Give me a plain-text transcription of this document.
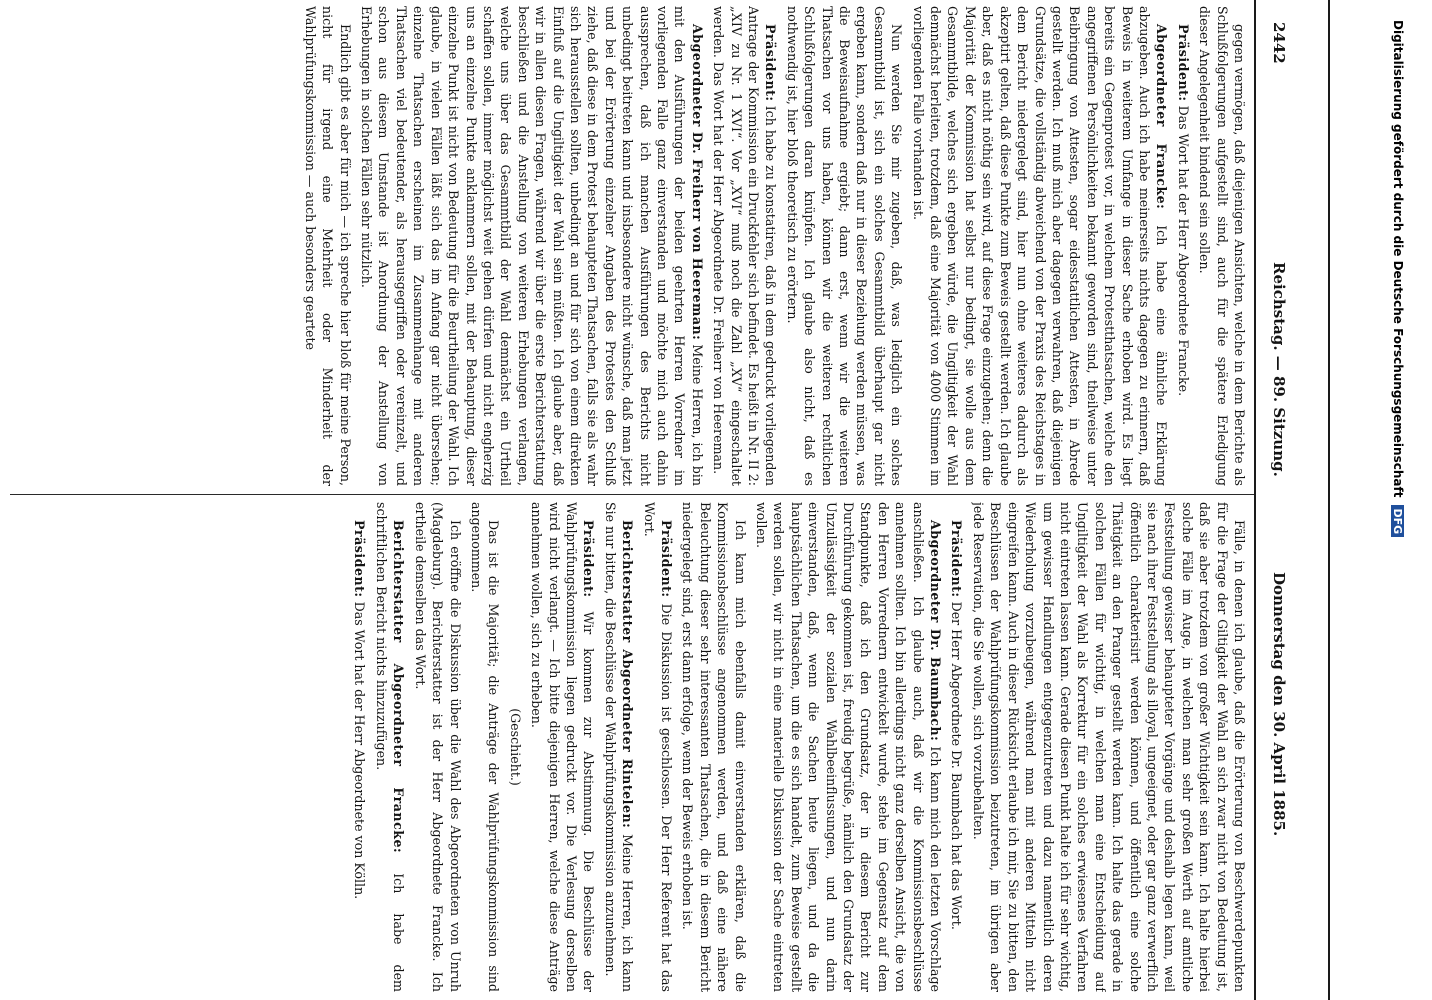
2442
Reichstag. — 89. Sitzung.
Donnerstag den 30. April 1885.

gegen vermögen, daß diejenigen Ansichten, welche in dem Berichte als Schlußfolgerungen aufgestellt sind, auch für die spätere Erledigung dieser Angelegenheit bindend sein sollen.

Präsident: Das Wort hat der Herr Abgeordnete Francke.

Abgeordneter Francke: Ich habe eine ähnliche Erklärung abzugeben. Auch ich habe meinerseits nichts dagegen zu erinnern, daß Beweis in weiterem Umfange in dieser Sache erhoben wird. Es liegt bereits ein Gegenprotest vor, in welchem Protestthatsachen, welche den angegriffenen Persönlichkeiten bekannt geworden sind, theilweise unter Beibringung von Attesten, sogar eidesstattlichen Attesten, in Abrede gestellt werden. Ich muß mich aber dagegen verwahren, daß diejenigen Grundsätze, die vollständig abweichend von der Praxis des Reichstages in dem Bericht niedergelegt sind, hier nun ohne weiteres dadurch als akzeptirt gelten, daß diese Punkte zum Beweis gestellt werden. Ich glaube aber, daß es nicht nöthig sein wird, auf diese Frage einzugehen; denn die Majorität der Kommission hat selbst nur bedingt, sie wolle aus dem Gesammtbilde, welches sich ergeben würde, die Ungiltigkeit der Wahl demnächst herleiten, trotzdem, daß eine Majorität von 4000 Stimmen im vorliegenden Falle vorhanden ist.

Nun werden Sie mir zugeben, daß, was lediglich ein solches Gesammtbild ist, sich ein solches Gesammtbild überhaupt gar nicht ergeben kann, sondern daß nur in dieser Beziehung werden müssen, was die Beweisaufnahme ergiebt; dann erst, wenn wir die weiteren Thatsachen vor uns haben, können wir die weiteren rechtlichen Schlußfolgerungen daran knüpfen. Ich glaube also nicht, daß es nothwendig ist, hier bloß theoretisch zu erörtern.

Präsident: Ich habe zu konstatiren, daß in dem gedruckt vorliegenden Antrage der Kommission ein Druckfehler sich befindet. Es heißt in Nr. II 2: „XIV zu Nr. 1 XVI“. Vor „XVI“ muß noch die Zahl „XV“ eingeschaltet werden. Das Wort hat der Herr Abgeordnete Dr. Freiherr von Heereman.

Abgeordneter Dr. Freiherr von Heereman: Meine Herren, ich bin mit den Ausführungen der beiden geehrten Herren Vorredner im vorliegenden Falle ganz einverstanden und möchte mich auch dahin aussprechen, daß ich manchen Ausführungen des Berichts nicht unbedingt beitreten kann und insbesondere nicht wünsche, daß man jetzt und bei der Erörterung einzelner Angaben des Protestes den Schluß ziehe, daß diese in dem Protest behaupteten Thatsachen, falls sie als wahr sich herausstellen sollten, unbedingt an und für sich von einem direkten Einfluß auf die Ungiltigkeit der Wahl sein müßten. Ich glaube aber, daß wir in allen diesen Fragen, während wir über die erste Berichterstattung beschließen und die Anstellung von weiteren Erhebungen verlangen, welche uns über das Gesammtbild der Wahl demnächst ein Urtheil schaffen sollen, immer möglichst weit gehen dürfen und nicht engherzig uns an einzelne Punkte anklammern sollen, mit der Behauptung, dieser einzelne Punkt ist nicht von Bedeutung für die Beurtheilung der Wahl. Ich glaube, in vielen Fällen läßt sich das im Anfang gar nicht übersehen; einzelne Thatsachen erscheinen im Zusammenhange mit anderen Thatsachen viel bedeutender, als herausgegriffen oder vereinzelt, und schon aus diesem Umstande ist Anordnung der Anstellung von Erhebungen in solchen Fällen sehr nützlich.

Endlich gibt es aber für mich — ich spreche hier bloß für meine Person, nicht für irgend eine Mehrheit oder Minderheit der Wahlprüfungskommission — auch besonders geartete

Fälle, in denen ich glaube, daß die Erörterung von Beschwerdepunkten für die Frage der Giltigkeit der Wahl an sich zwar nicht von Bedeutung ist, daß sie aber trotzdem von großer Wichtigkeit sein kann. Ich halte hierbei solche Fälle im Auge, in welchen man sehr großen Werth auf amtliche Feststellung gewisser behaupteter Vorgänge und deshalb legen kann, weil sie nach ihrer Feststellung als illoyal, ungeeignet, oder gar ganz verwerflich öffentlich charakterisirt werden können, und öffentlich eine solche Thätigkeit an den Pranger gestellt werden kann. Ich halte das gerade in solchen Fällen für wichtig, in welchen man eine Entscheidung auf Ungiltigkeit der Wahl als Korrektur für ein solches erwiesenes Verfahren nicht eintreten lassen kann. Gerade diesen Punkt halte ich für sehr wichtig, um gewisser Handlungen entgegenzutreten und dazu namentlich deren Wiederholung vorzubeugen, während man mit anderen Mitteln nicht eingreifen kann. Auch in dieser Rücksicht erlaube ich mir, Sie zu bitten, den Beschlüssen der Wahlprüfungskommission beizutreten, im übrigen aber jede Reservation, die Sie wollen, sich vorzubehalten.

Präsident: Der Herr Abgeordnete Dr. Baumbach hat das Wort.

Abgeordneter Dr. Baumbach: Ich kann mich den letzten Vorschlage anschließen. Ich glaube auch, daß wir die Kommissionsbeschlüsse annehmen sollten. Ich bin allerdings nicht ganz derselben Ansicht, die von den Herren Vorrednern entwickelt wurde, stehe im Gegensatz auf dem Standpunkte, daß ich den Grundsatz, der in diesem Bericht zur Durchführung gekommen ist, freudig begrüße, nämlich den Grundsatz der Unzulässigkeit der sozialen Wahlbeeinflussungen, und nun darin einverstanden, daß, wenn die Sachen heute liegen, und da die hauptsächlichen Thatsachen, um die es sich handelt, zum Beweise gestellt werden sollen, wir nicht in eine materielle Diskussion der Sache eintreten wollen.

Ich kann mich ebenfalls damit einverstanden erklären, daß die Kommissionsbeschlüsse angenommen werden, und daß eine nähere Beleuchtung dieser sehr interessanten Thatsachen, die in diesem Bericht niedergelegt sind, erst dann erfolge, wenn der Beweis erhoben ist.

Präsident: Die Diskussion ist geschlossen. Der Herr Referent hat das Wort.

Berichterstatter Abgeordneter Rintelen: Meine Herren, ich kann Sie nur bitten, die Beschlüsse der Wahlprüfungskommission anzunehmen.

Präsident: Wir kommen zur Abstimmung. Die Beschlüsse der Wahlprüfungskommission liegen gedruckt vor. Die Verlesung derselben wird nicht verlangt. — Ich bitte diejenigen Herren, welche diese Anträge annehmen wollen, sich zu erheben.

(Geschieht.)

Das ist die Majorität; die Anträge der Wahlprüfungskommission sind angenommen.

Ich eröffne die Diskussion über die Wahl des Abgeordneten von Unruh (Magdeburg). Berichterstatter ist der Herr Abgeordnete Francke. Ich ertheile demselben das Wort.

Berichterstatter Abgeordneter Francke: Ich habe dem schriftlichen Bericht nichts hinzuzufügen.

Präsident: Das Wort hat der Herr Abgeordnete von Kölln.

Digitalisierung gefördert durch die Deutsche ForschungsgemeinschaftDFG
